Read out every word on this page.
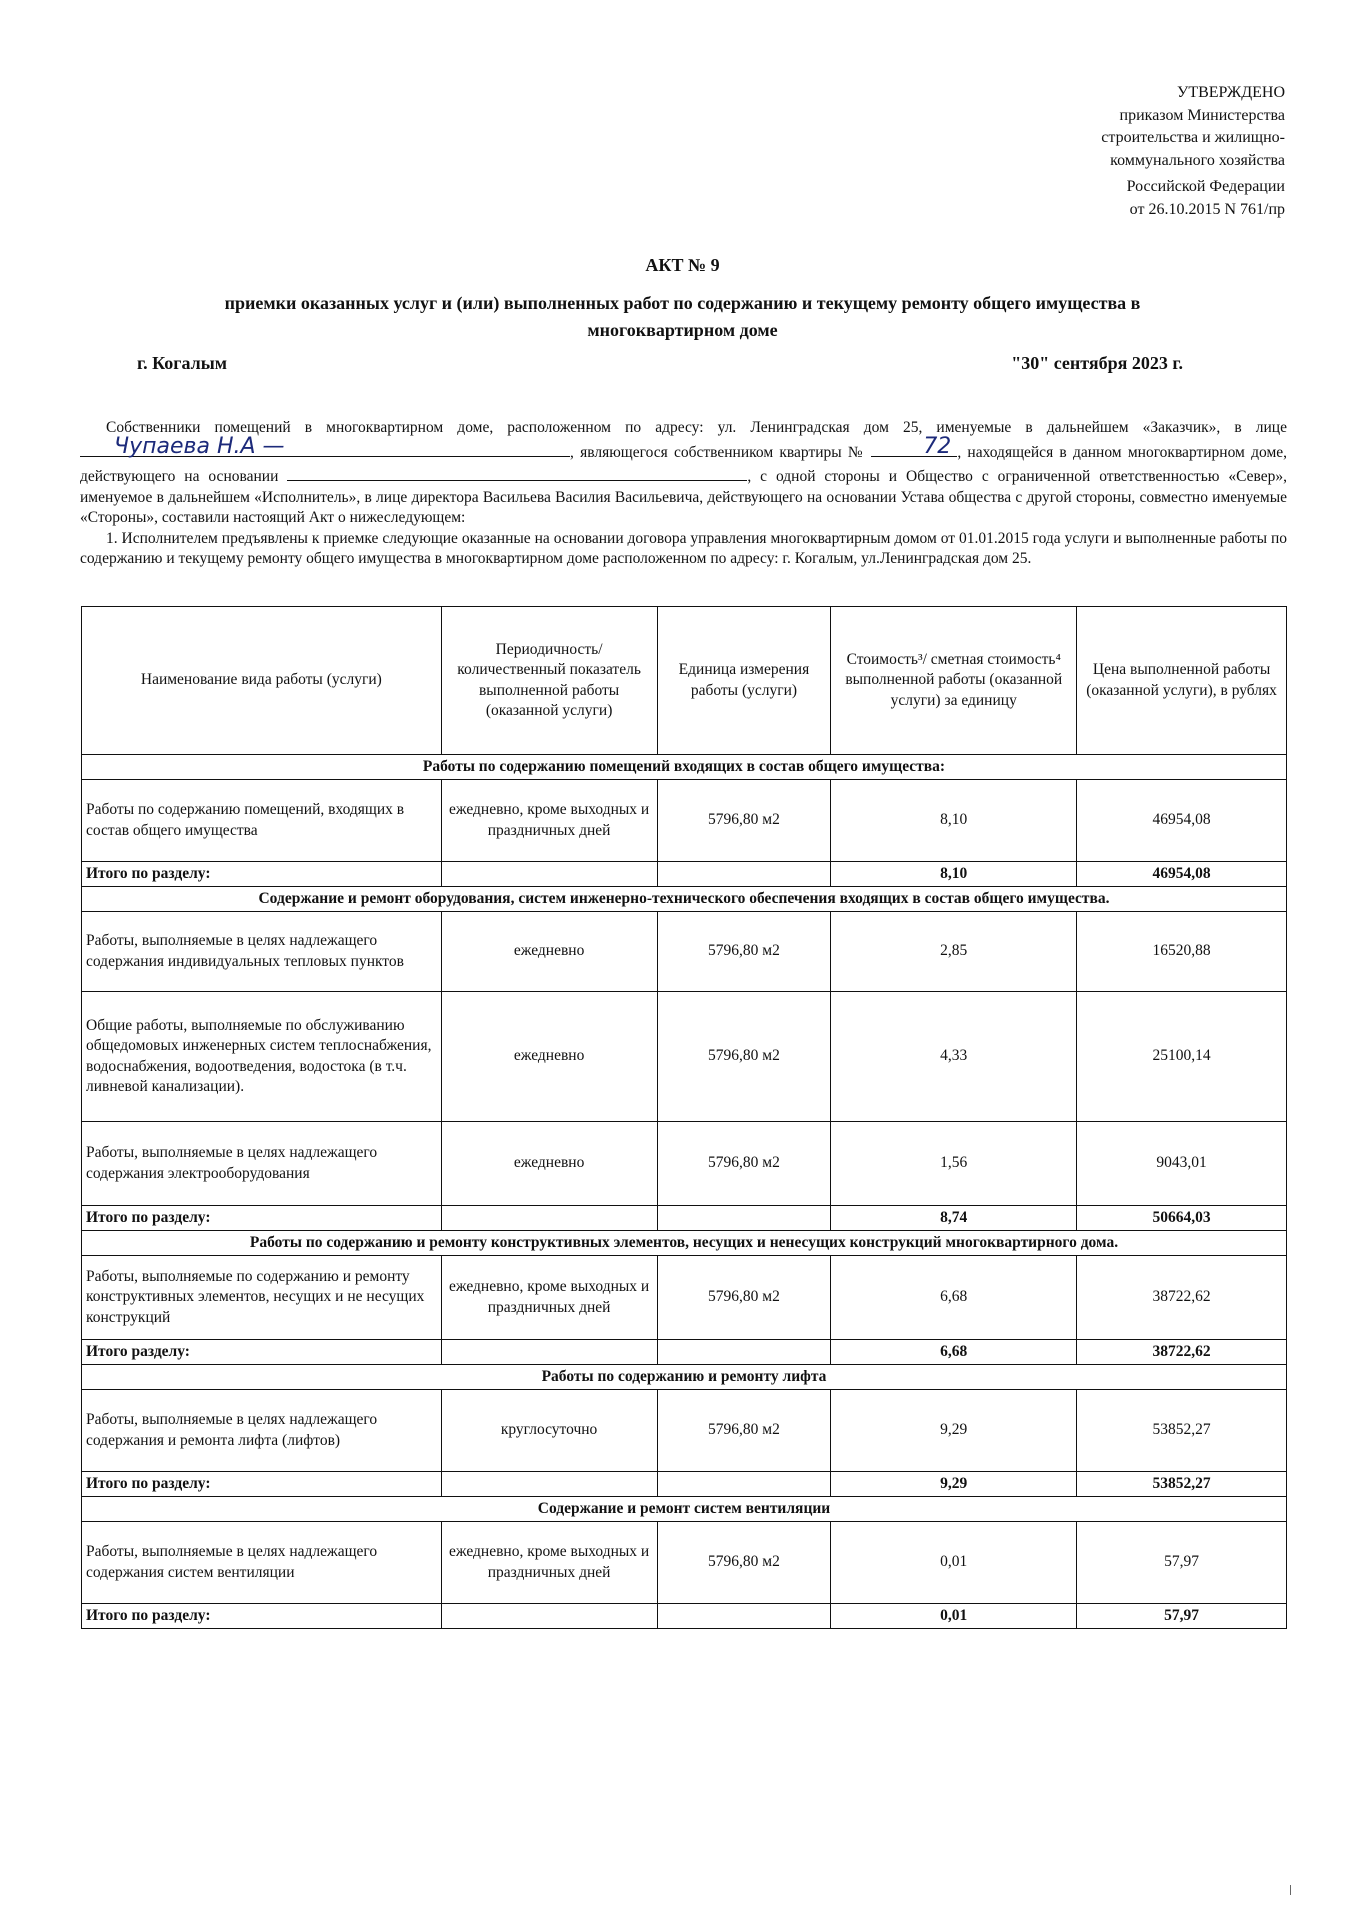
УТВЕРЖДЕНО
приказом Министерства
строительства и жилищно-
коммунального хозяйства
Российской Федерации
от 26.10.2015 N 761/пр
АКТ № 9
приемки оказанных услуг и (или) выполненных работ по содержанию и текущему ремонту общего имущества в многоквартирном доме
г. Когалым	"30" сентября 2023 г.

Собственники помещений в многоквартирном доме, расположенном по адресу: ул. Ленинградская дом 25, именуемые в дальнейшем «Заказчик», в лице
Чупаева Н.А —	, являющегося собственником квартиры №	72 , находящейся в данном многоквартирном доме, действующего на основании	, с одной стороны и Общество с ограниченной ответственностью «Север», именуемое в дальнейшем «Исполнитель», в лице директора Васильева Василия Васильевича, действующего на основании Устава общества с другой стороны, совместно именуемые «Стороны», составили настоящий Акт о нижеследующем:

1. Исполнителем предъявлены к приемке следующие оказанные на основании договора управления многоквартирным домом от 01.01.2015 года услуги и выполненные работы по содержанию и текущему ремонту общего имущества в многоквартирном доме расположенном по адресу: г. Когалым, ул.Ленинградская дом 25.

Наименование вида работы (услуги)	Периодичность/ количественный показатель выполненной работы (оказанной услуги)	Единица измерения работы (услуги)	Стоимость³/ сметная стоимость⁴ выполненной работы (оказанной услуги) за единицу	Цена выполненной работы (оказанной услуги), в рублях
Работы по содержанию помещений входящих в состав общего имущества:				
Работы по содержанию помещений, входящих в состав общего имущества	ежедневно, кроме выходных и праздничных дней	5796,80 м2	8,10	46954,08
Итого по разделу:			8,10	46954,08
Содержание и ремонт оборудования, систем инженерно-технического обеспечения входящих в состав общего имущества.				
Работы, выполняемые в целях надлежащего содержания индивидуальных тепловых пунктов	ежедневно	5796,80 м2	2,85	16520,88
Общие работы, выполняемые по обслуживанию общедомовых инженерных систем теплоснабжения, водоснабжения, водоотведения, водостока (в т.ч. ливневой канализации).	ежедневно	5796,80 м2	4,33	25100,14
Работы, выполняемые в целях надлежащего содержания электрооборудования	ежедневно	5796,80 м2	1,56	9043,01
Итого по разделу:			8,74	50664,03
Работы по содержанию и ремонту конструктивных элементов, несущих и ненесущих конструкций многоквартирного дома.				
Работы, выполняемые по содержанию и ремонту конструктивных элементов, несущих и не несущих конструкций	ежедневно, кроме выходных и праздничных дней	5796,80 м2	6,68	38722,62
Итого разделу:			6,68	38722,62
Работы по содержанию и ремонту лифта				
Работы, выполняемые в целях надлежащего содержания и ремонта лифта (лифтов)	круглосуточно	5796,80 м2	9,29	53852,27
Итого по разделу:			9,29	53852,27
Содержание и ремонт систем вентиляции				
Работы, выполняемые в целях надлежащего содержания систем вентиляции	ежедневно, кроме выходных и праздничных дней	5796,80 м2	0,01	57,97
Итого по разделу:			0,01	57,97
